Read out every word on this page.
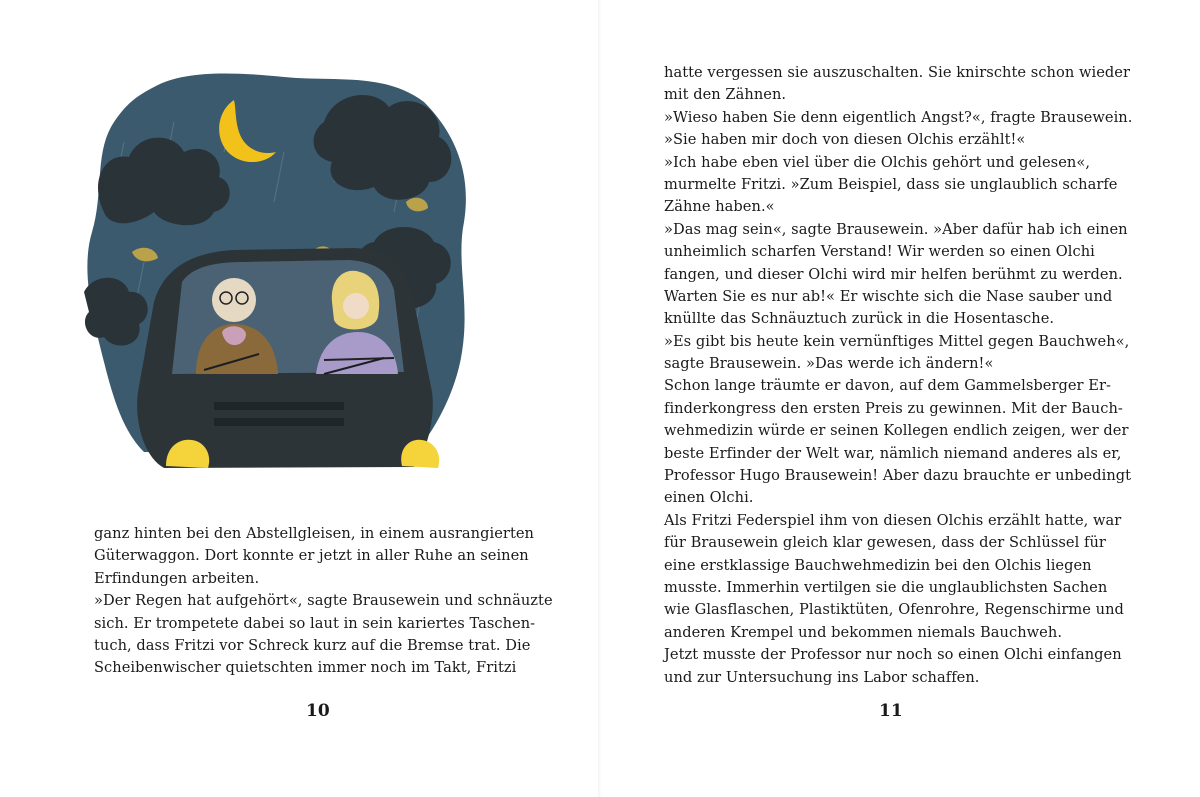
ganz hinten bei den Abstellgleisen, in einem ausrangierten
Güterwaggon. Dort konnte er jetzt in aller Ruhe an seinen
Erfindungen arbeiten.
»Der Regen hat aufgehört«, sagte Brausewein und schnäuzte
sich. Er trompetete dabei so laut in sein kariertes Taschen-
tuch, dass Fritzi vor Schreck kurz auf die Bremse trat. Die
Scheibenwischer quietschten immer noch im Takt, Fritzi
10
hatte vergessen sie auszuschalten. Sie knirschte schon wieder
mit den Zähnen.
»Wieso haben Sie denn eigentlich Angst?«, fragte Brausewein.
»Sie haben mir doch von diesen Olchis erzählt!«
»Ich habe eben viel über die Olchis gehört und gelesen«,
murmelte Fritzi. »Zum Beispiel, dass sie unglaublich scharfe
Zähne haben.«
»Das mag sein«, sagte Brausewein. »Aber dafür hab ich einen
unheimlich scharfen Verstand! Wir werden so einen Olchi
fangen, und dieser Olchi wird mir helfen berühmt zu werden.
Warten Sie es nur ab!« Er wischte sich die Nase sauber und
knüllte das Schnäuztuch zurück in die Hosentasche.
»Es gibt bis heute kein vernünftiges Mittel gegen Bauchweh«,
sagte Brausewein. »Das werde ich ändern!«
Schon lange träumte er davon, auf dem Gammelsberger Er-
finderkongress den ersten Preis zu gewinnen. Mit der Bauch-
wehmedizin würde er seinen Kollegen endlich zeigen, wer der
beste Erfinder der Welt war, nämlich niemand anderes als er,
Professor Hugo Brausewein! Aber dazu brauchte er unbedingt
einen Olchi.
Als Fritzi Federspiel ihm von diesen Olchis erzählt hatte, war
für Brausewein gleich klar gewesen, dass der Schlüssel für
eine erstklassige Bauchwehmedizin bei den Olchis liegen
musste. Immerhin vertilgen sie die unglaublichsten Sachen
wie Glasflaschen, Plastiktüten, Ofenrohre, Regenschirme und
anderen Krempel und bekommen niemals Bauchweh.
Jetzt musste der Professor nur noch so einen Olchi einfangen
und zur Untersuchung ins Labor schaffen.
11
